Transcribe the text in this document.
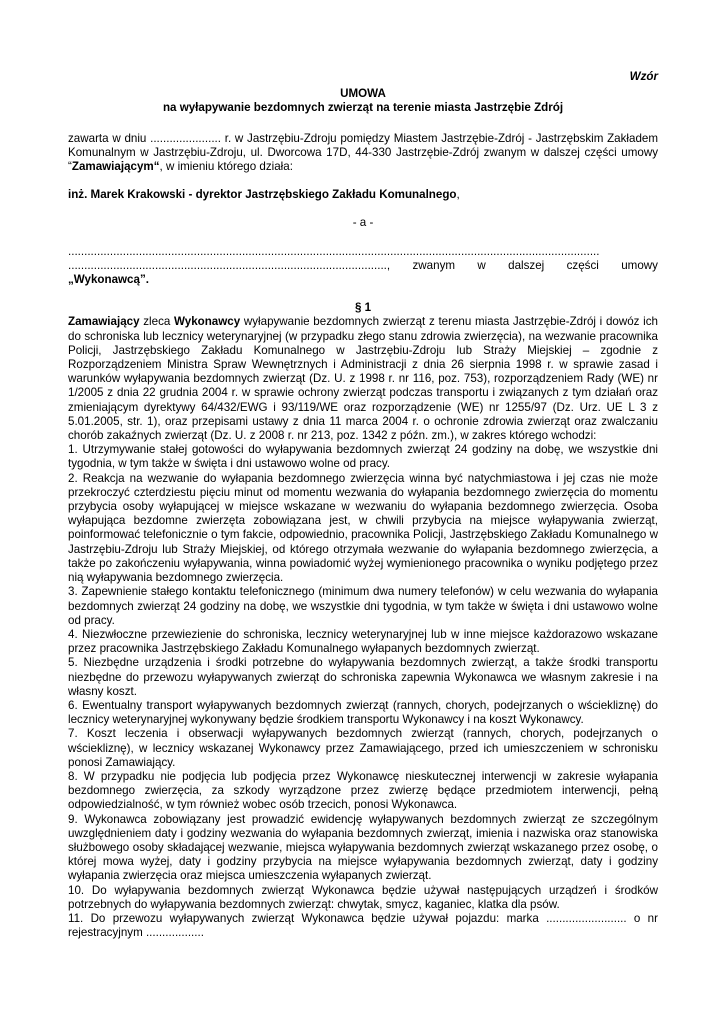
Wzór
UMOWA
na wyłapywanie bezdomnych zwierząt na terenie miasta Jastrzębie Zdrój

zawarta w dniu ...................... r. w Jastrzębiu-Zdroju pomiędzy Miastem Jastrzębie-Zdrój - Jastrzębskim Zakładem Komunalnym w Jastrzębiu-Zdroju, ul. Dworcowa 17D, 44-330 Jastrzębie-Zdrój zwanym w dalszej części umowy “Zamawiającym“, w imieniu którego działa:

inż. Marek Krakowski - dyrektor Jastrzębskiego Zakładu Komunalnego,

- a -
.....................................................................................................................................................................
..................................................................................................., zwanym w dalszej części umowy
„Wykonawcą”.
§ 1

Zamawiający zleca Wykonawcy wyłapywanie bezdomnych zwierząt z terenu miasta Jastrzębie-Zdrój i dowóz ich do schroniska lub lecznicy weterynaryjnej (w przypadku złego stanu zdrowia zwierzęcia), na wezwanie pracownika Policji, Jastrzębskiego Zakładu Komunalnego w Jastrzębiu-Zdroju lub Straży Miejskiej – zgodnie z Rozporządzeniem Ministra Spraw Wewnętrznych i Administracji z dnia 26 sierpnia 1998 r. w sprawie zasad i warunków wyłapywania bezdomnych zwierząt (Dz. U. z 1998 r. nr 116, poz. 753), rozporządzeniem Rady (WE) nr 1/2005 z dnia 22 grudnia 2004 r. w sprawie ochrony zwierząt podczas transportu i związanych z tym działań oraz zmieniającym dyrektywy 64/432/EWG i 93/119/WE oraz rozporządzenie (WE) nr 1255/97 (Dz. Urz. UE L 3 z 5.01.2005, str. 1), oraz przepisami ustawy z dnia 11 marca 2004 r. o ochronie zdrowia zwierząt oraz zwalczaniu chorób zakaźnych zwierząt (Dz. U. z 2008 r. nr 213, poz. 1342 z późn. zm.), w zakres którego wchodzi:

1. Utrzymywanie stałej gotowości do wyłapywania bezdomnych zwierząt 24 godziny na dobę, we wszystkie dni tygodnia, w tym także w święta i dni ustawowo wolne od pracy.

2. Reakcja na wezwanie do wyłapania bezdomnego zwierzęcia winna być natychmiastowa i jej czas nie może przekroczyć czterdziestu pięciu minut od momentu wezwania do wyłapania bezdomnego zwierzęcia do momentu przybycia osoby wyłapującej w miejsce wskazane w wezwaniu do wyłapania bezdomnego zwierzęcia. Osoba wyłapująca bezdomne zwierzęta zobowiązana jest, w chwili przybycia na miejsce wyłapywania zwierząt, poinformować telefonicznie o tym fakcie, odpowiednio, pracownika Policji, Jastrzębskiego Zakładu Komunalnego w Jastrzębiu-Zdroju lub Straży Miejskiej, od którego otrzymała wezwanie do wyłapania bezdomnego zwierzęcia, a także po zakończeniu wyłapywania, winna powiadomić wyżej wymienionego pracownika o wyniku podjętego przez nią wyłapywania bezdomnego zwierzęcia.

3. Zapewnienie stałego kontaktu telefonicznego (minimum dwa numery telefonów) w celu wezwania do wyłapania bezdomnych zwierząt 24 godziny na dobę, we wszystkie dni tygodnia, w tym także w święta i dni ustawowo wolne od pracy.

4. Niezwłoczne przewiezienie do schroniska, lecznicy weterynaryjnej lub w inne miejsce każdorazowo wskazane przez pracownika Jastrzębskiego Zakładu Komunalnego wyłapanych bezdomnych zwierząt.

5. Niezbędne urządzenia i środki potrzebne do wyłapywania bezdomnych zwierząt, a także środki transportu niezbędne do przewozu wyłapywanych zwierząt do schroniska zapewnia Wykonawca we własnym zakresie i na własny koszt.

6. Ewentualny transport wyłapywanych bezdomnych zwierząt (rannych, chorych, podejrzanych o wściekliznę) do lecznicy weterynaryjnej wykonywany będzie środkiem transportu Wykonawcy i na koszt Wykonawcy.

7. Koszt leczenia i obserwacji wyłapywanych bezdomnych zwierząt (rannych, chorych, podejrzanych o wściekliznę), w lecznicy wskazanej Wykonawcy przez Zamawiającego, przed ich umieszczeniem w schronisku ponosi Zamawiający.

8. W przypadku nie podjęcia lub podjęcia przez Wykonawcę nieskutecznej interwencji w zakresie wyłapania bezdomnego zwierzęcia, za szkody wyrządzone przez zwierzę będące przedmiotem interwencji, pełną odpowiedzialność, w tym również wobec osób trzecich, ponosi Wykonawca.

9. Wykonawca zobowiązany jest prowadzić ewidencję wyłapywanych bezdomnych zwierząt ze szczególnym uwzględnieniem daty i godziny wezwania do wyłapania bezdomnych zwierząt, imienia i nazwiska oraz stanowiska służbowego osoby składającej wezwanie, miejsca wyłapywania bezdomnych zwierząt wskazanego przez osobę, o której mowa wyżej, daty i godziny przybycia na miejsce wyłapywania bezdomnych zwierząt, daty i godziny wyłapania zwierzęcia oraz miejsca umieszczenia wyłapanych zwierząt.

10. Do wyłapywania bezdomnych zwierząt Wykonawca będzie używał następujących urządzeń i środków potrzebnych do wyłapywania bezdomnych zwierząt: chwytak, smycz, kaganiec, klatka dla psów.

11. Do przewozu wyłapywanych zwierząt Wykonawca będzie używał pojazdu: marka ......................... o nr rejestracyjnym ..................
